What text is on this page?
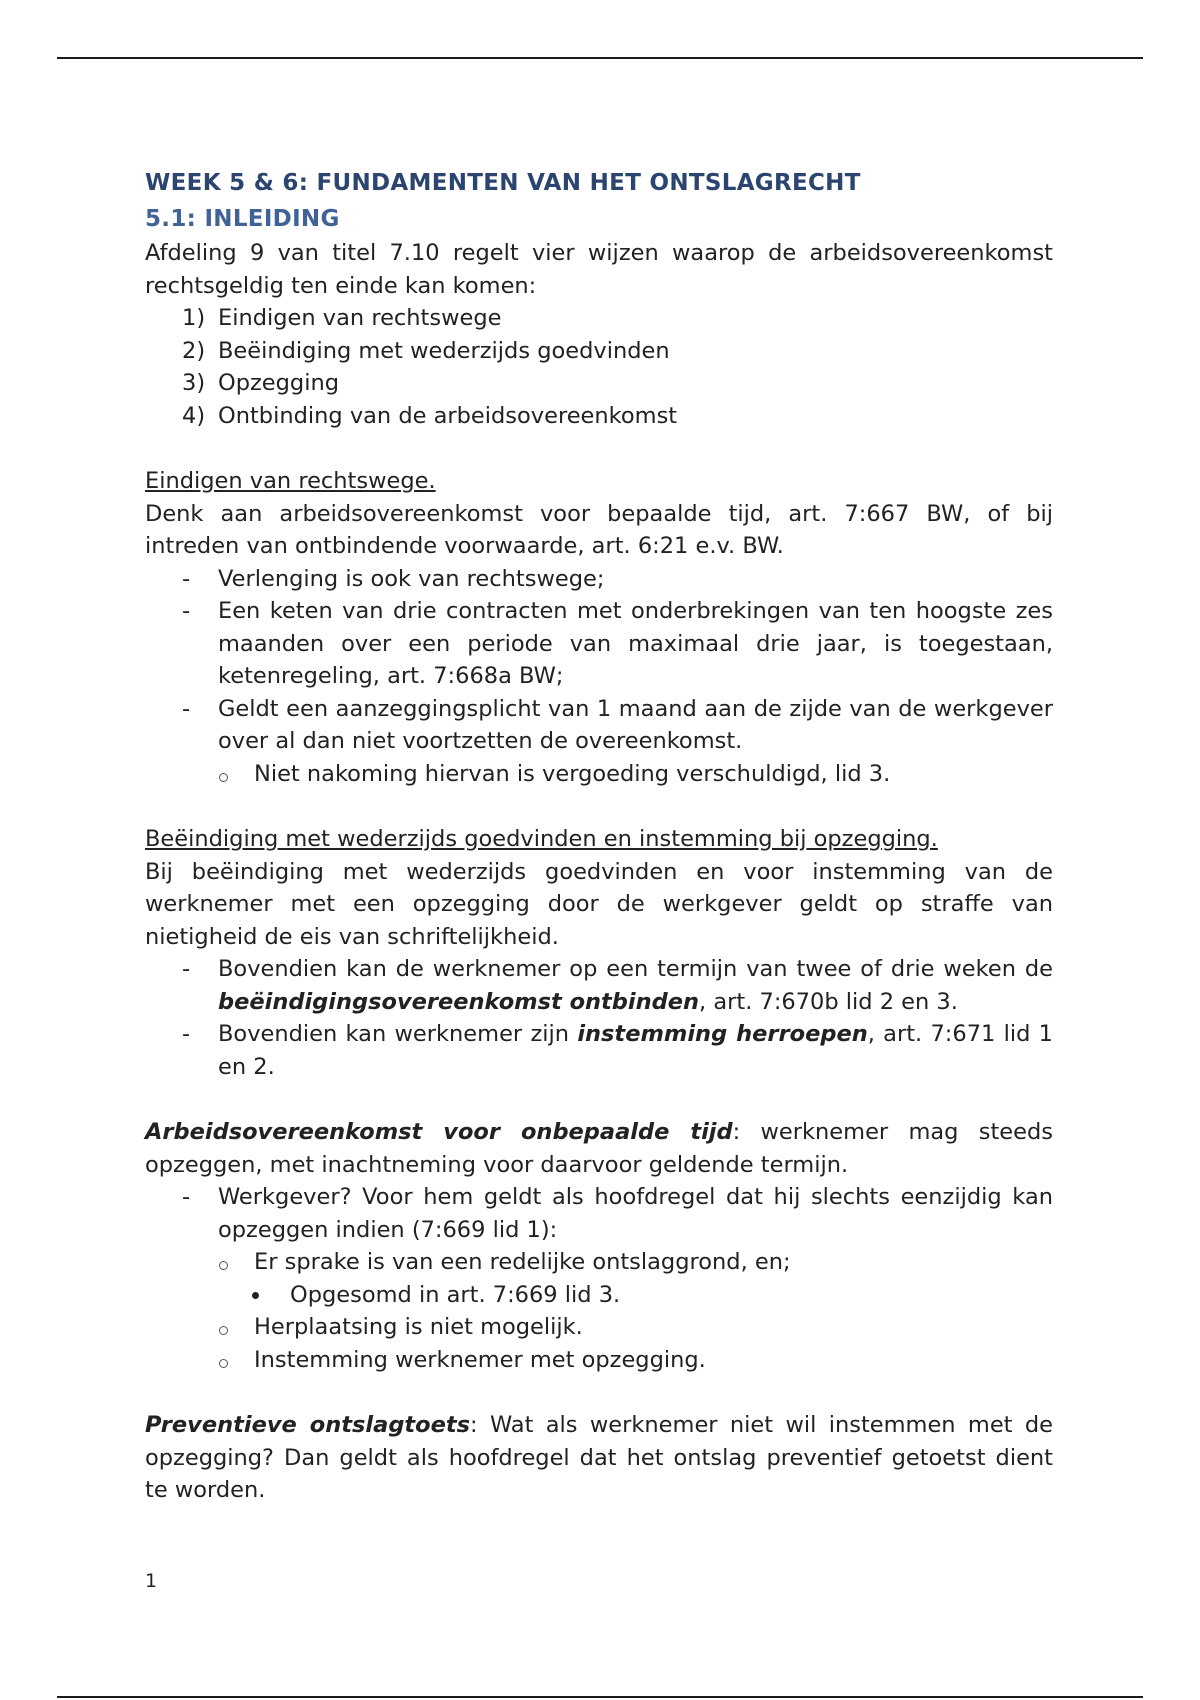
WEEK 5 & 6: FUNDAMENTEN VAN HET ONTSLAGRECHT
5.1: INLEIDING

Afdeling 9 van titel 7.10 regelt vier wijzen waarop de arbeidsovereenkomst rechtsgeldig ten einde kan komen:

1) Eindigen van rechtswege
2) Beëindiging met wederzijds goedvinden
3) Opzegging
4) Ontbinding van de arbeidsovereenkomst

Eindigen van rechtswege.

Denk aan arbeidsovereenkomst voor bepaalde tijd, art. 7:667 BW, of bij intreden van ontbindende voorwaarde, art. 6:21 e.v. BW.

- Verlenging is ook van rechtswege;
- Een keten van drie contracten met onderbrekingen van ten hoogste zes maanden over een periode van maximaal drie jaar, is toegestaan, ketenregeling, art. 7:668a BW;
- Geldt een aanzeggingsplicht van 1 maand aan de zijde van de werkgever over al dan niet voortzetten de overeenkomst.
Niet nakoming hiervan is vergoeding verschuldigd, lid 3.

Beëindiging met wederzijds goedvinden en instemming bij opzegging.

Bij beëindiging met wederzijds goedvinden en voor instemming van de werknemer met een opzegging door de werkgever geldt op straffe van nietigheid de eis van schriftelijkheid.

- Bovendien kan de werknemer op een termijn van twee of drie weken de beëindigingsovereenkomst ontbinden, art. 7:670b lid 2 en 3.
- Bovendien kan werknemer zijn instemming herroepen, art. 7:671 lid 1 en 2.

Arbeidsovereenkomst voor onbepaalde tijd: werknemer mag steeds opzeggen, met inachtneming voor daarvoor geldende termijn.

- Werkgever? Voor hem geldt als hoofdregel dat hij slechts eenzijdig kan opzeggen indien (7:669 lid 1):
Er sprake is van een redelijke ontslaggrond, en;
Opgesomd in art. 7:669 lid 3.
Herplaatsing is niet mogelijk.
Instemming werknemer met opzegging.

Preventieve ontslagtoets: Wat als werknemer niet wil instemmen met de opzegging? Dan geldt als hoofdregel dat het ontslag preventief getoetst dient te worden.

1
